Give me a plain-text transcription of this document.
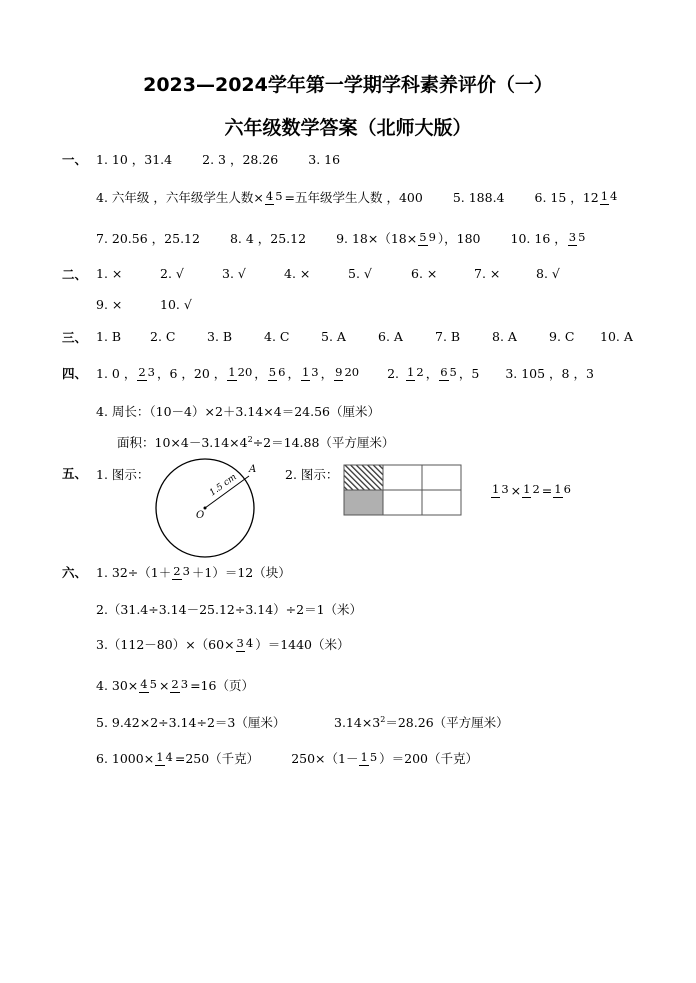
2023—2024学年第一学期学科素养评价（一）
六年级数学答案（北师大版）
一、 1. 10 ，31.4 2. 3 ，28.26 3. 16
4. 六年级 ，六年级学生人数× 4 5 =五年级学生人数 ，400 5. 188.4 6. 15 ，12 1 4
7. 20.56 ，25.12 8. 4 ，25.12 9. 18×（18× 5 9 ），180 10. 16 ， 3 5
二、 1. ×	2. √	3. √	4. ×	5. √	6. ×	7. ×	8. √
9. ×	10. √
三、 1. B 2. C	3. B	4. C	5. A	6. A	7. B	8. A	9. C 10. A
四、 1. 0 ， 2 3 ，6 ，20 ， 1 20 ， 5 6 ， 1 3 ， 9 20 2. 1 2 ， 6 5 ，5 3. 105 ，8 ，3
4. 周长：（10－4）×2＋3.14×4＝24.56（厘米）
面积：$10\times 4-3.14\times 4^2\div 2=14.88$（平方厘米）
五、 1. 图示：	1.5 cm
A
O
2. 图示：
1 3 × 1 2 = 1 6
六、 1. 32÷（1＋ 2 3 ＋1）＝12（块）
2.（31.4÷3.14－25.12÷3.14）÷2＝1（米）
3.（112－80）×（60× 3 4 ）＝1440（米）
4. 30× 4 5 × 2 3 =16（页）
5. 9.42×2÷3.14÷2＝3（厘米）	$3.14\times 3^2=28.26$（平方厘米）
6. 1000× 1 4 =250（千克）	250×（1－ 1 5 ）＝200（千克）
